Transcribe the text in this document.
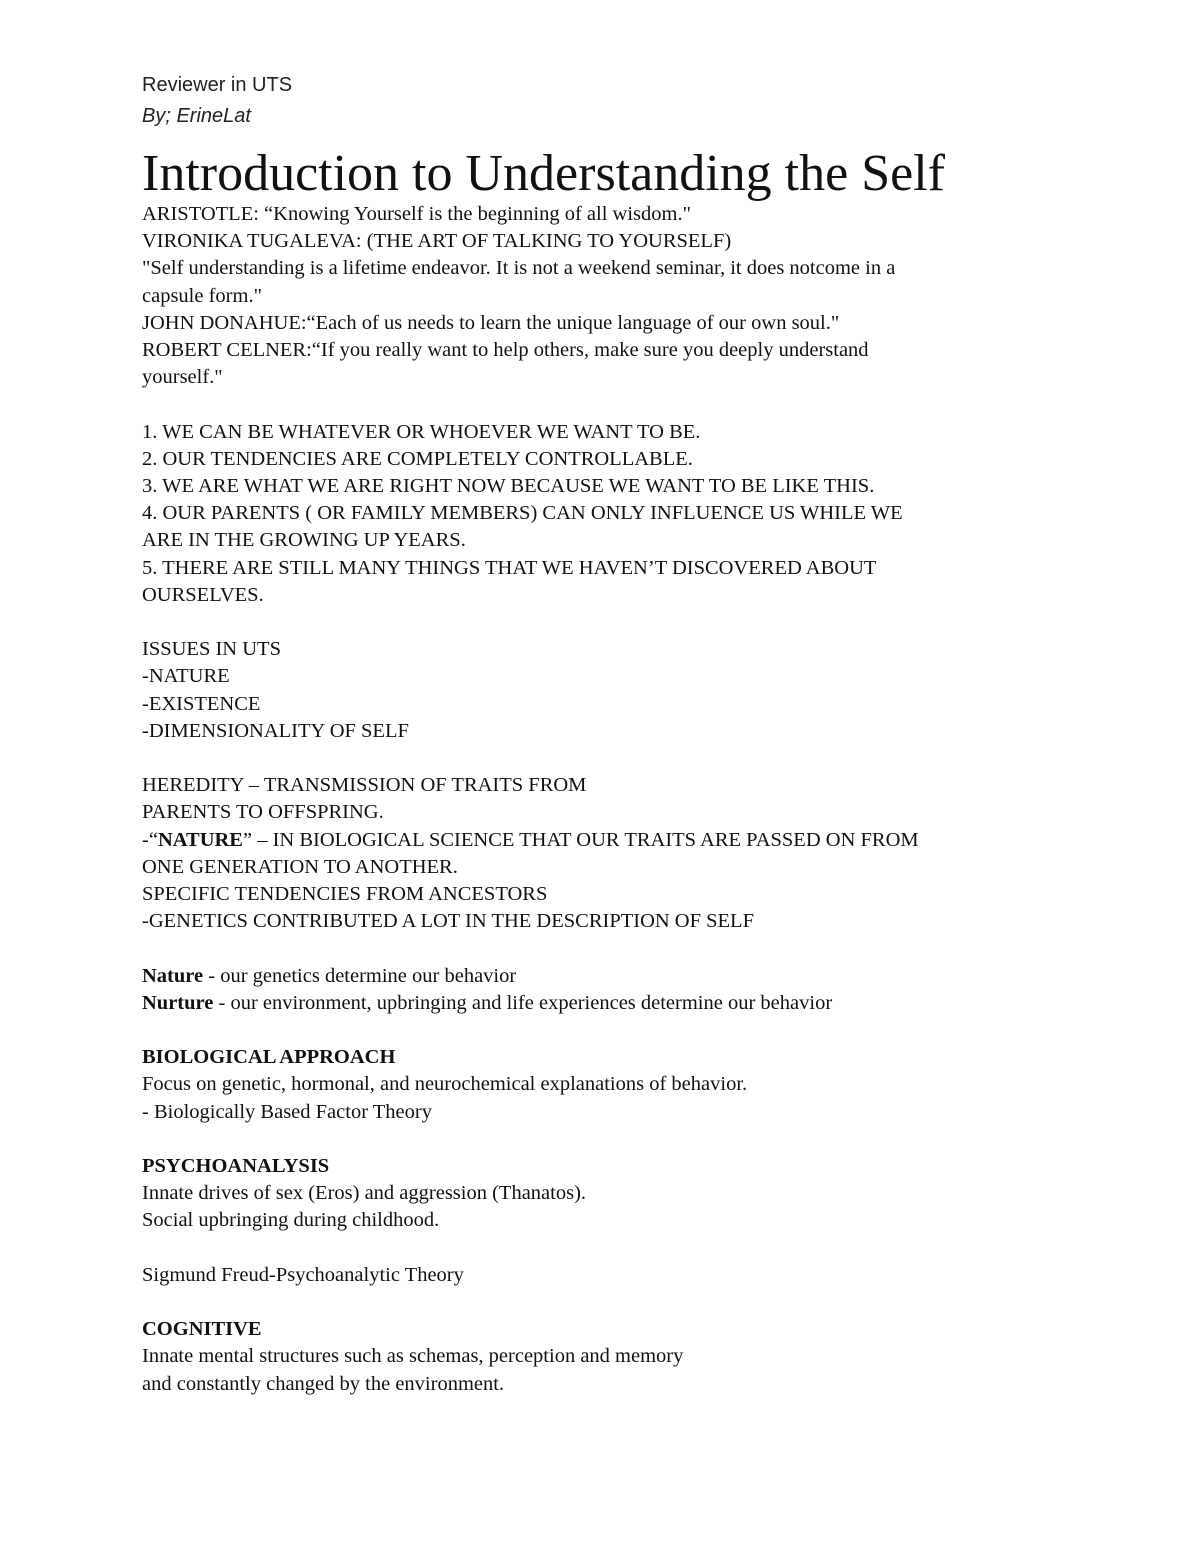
Reviewer in UTS
By; ErineLat
Introduction to Understanding the Self
ARISTOTLE: “Knowing Yourself is the beginning of all wisdom."
VIRONIKA TUGALEVA: (THE ART OF TALKING TO YOURSELF)
"Self understanding is a lifetime endeavor. It is not a weekend seminar, it does notcome in a
capsule form."
JOHN DONAHUE:“Each of us needs to learn the unique language of our own soul."
ROBERT CELNER:“If you really want to help others, make sure you deeply understand
yourself."
1. WE CAN BE WHATEVER OR WHOEVER WE WANT TO BE.
2. OUR TENDENCIES ARE COMPLETELY CONTROLLABLE.
3. WE ARE WHAT WE ARE RIGHT NOW BECAUSE WE WANT TO BE LIKE THIS.
4. OUR PARENTS ( OR FAMILY MEMBERS) CAN ONLY INFLUENCE US WHILE WE
ARE IN THE GROWING UP YEARS.
5. THERE ARE STILL MANY THINGS THAT WE HAVEN’T DISCOVERED ABOUT
OURSELVES.
ISSUES IN UTS
-NATURE
-EXISTENCE
-DIMENSIONALITY OF SELF
HEREDITY – TRANSMISSION OF TRAITS FROM
PARENTS TO OFFSPRING.
-“NATURE” – IN BIOLOGICAL SCIENCE THAT OUR TRAITS ARE PASSED ON FROM
ONE GENERATION TO ANOTHER.
SPECIFIC TENDENCIES FROM ANCESTORS
-GENETICS CONTRIBUTED A LOT IN THE DESCRIPTION OF SELF
Nature - our genetics determine our behavior
Nurture - our environment, upbringing and life experiences determine our behavior
BIOLOGICAL APPROACH
Focus on genetic, hormonal, and neurochemical explanations of behavior.
- Biologically Based Factor Theory
PSYCHOANALYSIS
Innate drives of sex (Eros) and aggression (Thanatos).
Social upbringing during childhood.
Sigmund Freud-Psychoanalytic Theory
COGNITIVE
Innate mental structures such as schemas, perception and memory
and constantly changed by the environment.
